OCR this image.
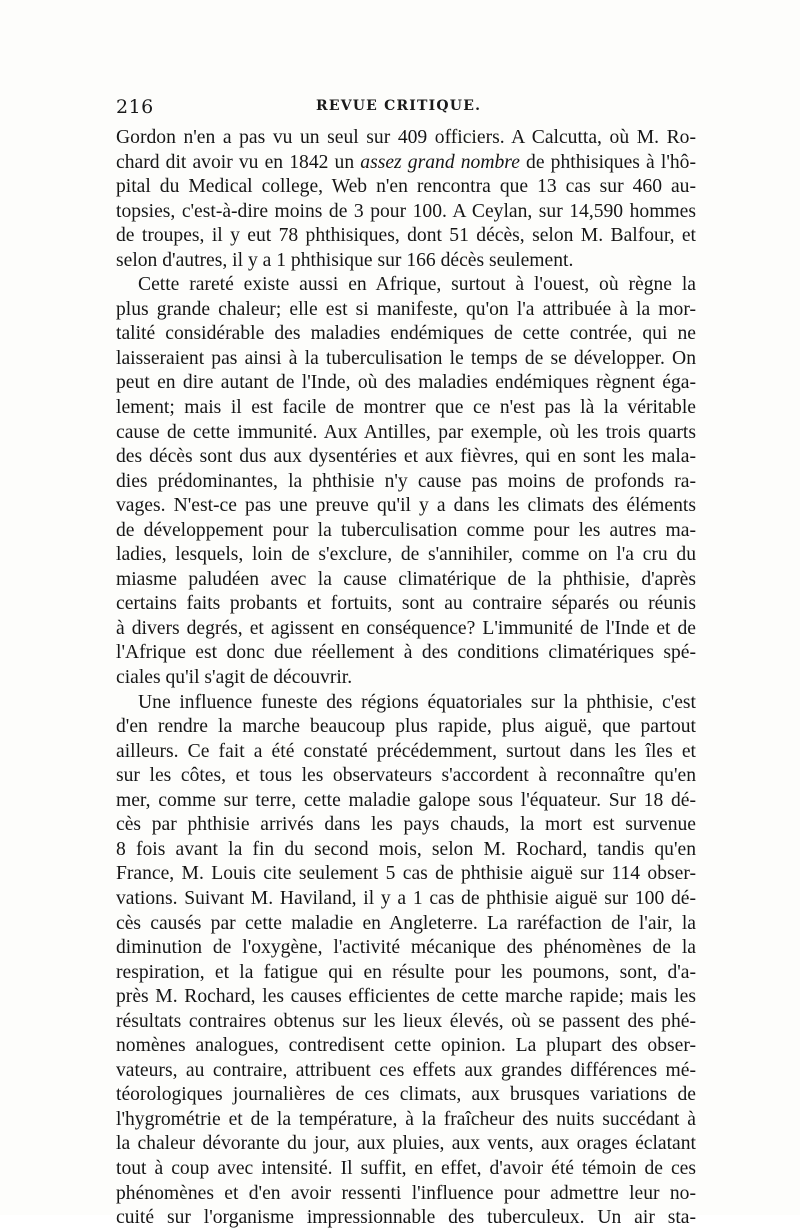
216	REVUE CRITIQUE.
Gordon n'en a pas vu un seul sur 409 officiers. A Calcutta, où M. Ro-
chard dit avoir vu en 1842 un assez grand nombre de phthisiques à l'hô-
pital du Medical college, Web n'en rencontra que 13 cas sur 460 au-
topsies, c'est-à-dire moins de 3 pour 100. A Ceylan, sur 14,590 hommes
de troupes, il y eut 78 phthisiques, dont 51 décès, selon M. Balfour, et
selon d'autres, il y a 1 phthisique sur 166 décès seulement.
Cette rareté existe aussi en Afrique, surtout à l'ouest, où règne la
plus grande chaleur; elle est si manifeste, qu'on l'a attribuée à la mor-
talité considérable des maladies endémiques de cette contrée, qui ne
laisseraient pas ainsi à la tuberculisation le temps de se développer. On
peut en dire autant de l'Inde, où des maladies endémiques règnent éga-
lement; mais il est facile de montrer que ce n'est pas là la véritable
cause de cette immunité. Aux Antilles, par exemple, où les trois quarts
des décès sont dus aux dysentéries et aux fièvres, qui en sont les mala-
dies prédominantes, la phthisie n'y cause pas moins de profonds ra-
vages. N'est-ce pas une preuve qu'il y a dans les climats des éléments
de développement pour la tuberculisation comme pour les autres ma-
ladies, lesquels, loin de s'exclure, de s'annihiler, comme on l'a cru du
miasme paludéen avec la cause climatérique de la phthisie, d'après
certains faits probants et fortuits, sont au contraire séparés ou réunis
à divers degrés, et agissent en conséquence? L'immunité de l'Inde et de
l'Afrique est donc due réellement à des conditions climatériques spé-
ciales qu'il s'agit de découvrir.
Une influence funeste des régions équatoriales sur la phthisie, c'est
d'en rendre la marche beaucoup plus rapide, plus aiguë, que partout
ailleurs. Ce fait a été constaté précédemment, surtout dans les îles et
sur les côtes, et tous les observateurs s'accordent à reconnaître qu'en
mer, comme sur terre, cette maladie galope sous l'équateur. Sur 18 dé-
cès par phthisie arrivés dans les pays chauds, la mort est survenue
8 fois avant la fin du second mois, selon M. Rochard, tandis qu'en
France, M. Louis cite seulement 5 cas de phthisie aiguë sur 114 obser-
vations. Suivant M. Haviland, il y a 1 cas de phthisie aiguë sur 100 dé-
cès causés par cette maladie en Angleterre. La raréfaction de l'air, la
diminution de l'oxygène, l'activité mécanique des phénomènes de la
respiration, et la fatigue qui en résulte pour les poumons, sont, d'a-
près M. Rochard, les causes efficientes de cette marche rapide; mais les
résultats contraires obtenus sur les lieux élevés, où se passent des phé-
nomènes analogues, contredisent cette opinion. La plupart des obser-
vateurs, au contraire, attribuent ces effets aux grandes différences mé-
téorologiques journalières de ces climats, aux brusques variations de
l'hygrométrie et de la température, à la fraîcheur des nuits succédant à
la chaleur dévorante du jour, aux pluies, aux vents, aux orages éclatant
tout à coup avec intensité. Il suffit, en effet, d'avoir été témoin de ces
phénomènes et d'en avoir ressenti l'influence pour admettre leur no-
cuité sur l'organisme impressionnable des tuberculeux. Un air sta-
